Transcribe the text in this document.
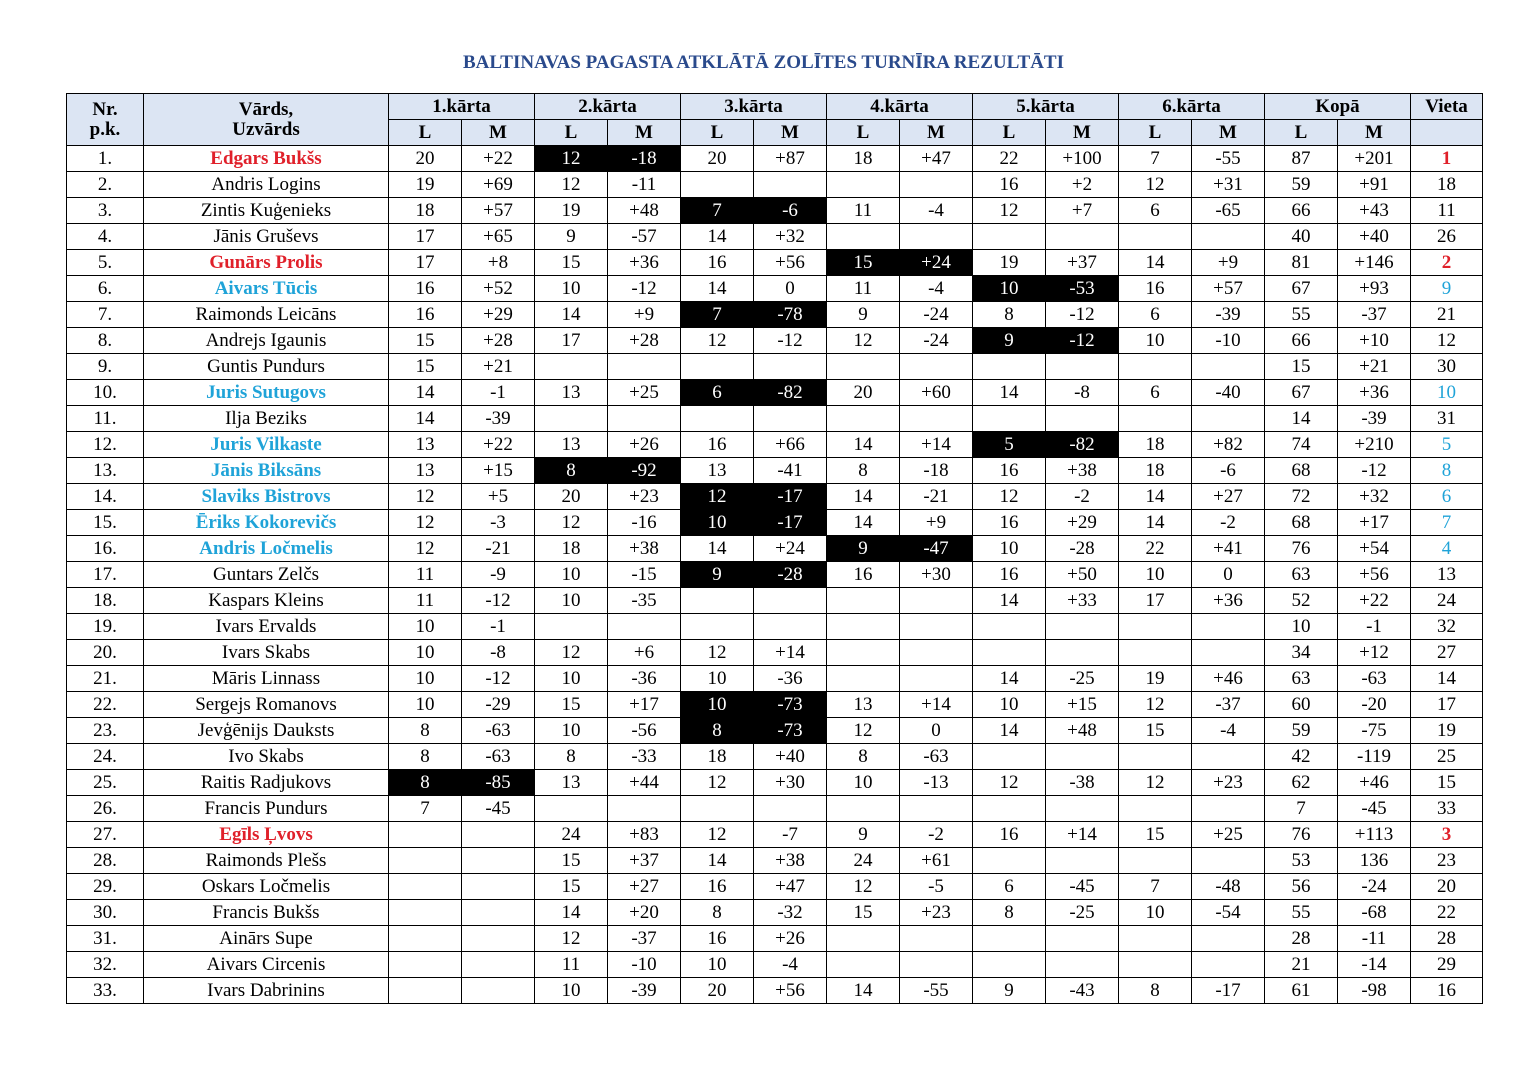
BALTINAVAS PAGASTA ATKLĀTĀ ZOLĪTES TURNĪRA REZULTĀTI
Nr.
p.k.	Vārds,
Uzvārds	1.kārta		2.kārta		3.kārta		4.kārta		5.kārta		6.kārta		Kopā		Vieta
		L	M	L	M	L	M	L	M	L	M	L	M	L	M	
1.	Edgars Bukšs	20	+22	12	-18	20	+87	18	+47	22	+100	7	-55	87	+201	1
2.	Andris Logins	19	+69	12	-11					16	+2	12	+31	59	+91	18
3.	Zintis Kuģenieks	18	+57	19	+48	7	-6	11	-4	12	+7	6	-65	66	+43	11
4.	Jānis Gruševs	17	+65	9	-57	14	+32							40	+40	26
5.	Gunārs Prolis	17	+8	15	+36	16	+56	15	+24	19	+37	14	+9	81	+146	2
6.	Aivars Tūcis	16	+52	10	-12	14	0	11	-4	10	-53	16	+57	67	+93	9
7.	Raimonds Leicāns	16	+29	14	+9	7	-78	9	-24	8	-12	6	-39	55	-37	21
8.	Andrejs Igaunis	15	+28	17	+28	12	-12	12	-24	9	-12	10	-10	66	+10	12
9.	Guntis Pundurs	15	+21											15	+21	30
10.	Juris Sutugovs	14	-1	13	+25	6	-82	20	+60	14	-8	6	-40	67	+36	10
11.	Ilja Beziks	14	-39											14	-39	31
12.	Juris Vilkaste	13	+22	13	+26	16	+66	14	+14	5	-82	18	+82	74	+210	5
13.	Jānis Biksāns	13	+15	8	-92	13	-41	8	-18	16	+38	18	-6	68	-12	8
14.	Slaviks Bistrovs	12	+5	20	+23	12	-17	14	-21	12	-2	14	+27	72	+32	6
15.	Ēriks Kokorevičs	12	-3	12	-16	10	-17	14	+9	16	+29	14	-2	68	+17	7
16.	Andris Ločmelis	12	-21	18	+38	14	+24	9	-47	10	-28	22	+41	76	+54	4
17.	Guntars Zelčs	11	-9	10	-15	9	-28	16	+30	16	+50	10	0	63	+56	13
18.	Kaspars Kleins	11	-12	10	-35					14	+33	17	+36	52	+22	24
19.	Ivars Ervalds	10	-1											10	-1	32
20.	Ivars Skabs	10	-8	12	+6	12	+14							34	+12	27
21.	Māris Linnass	10	-12	10	-36	10	-36			14	-25	19	+46	63	-63	14
22.	Sergejs Romanovs	10	-29	15	+17	10	-73	13	+14	10	+15	12	-37	60	-20	17
23.	Jevģēnijs Dauksts	8	-63	10	-56	8	-73	12	0	14	+48	15	-4	59	-75	19
24.	Ivo Skabs	8	-63	8	-33	18	+40	8	-63					42	-119	25
25.	Raitis Radjukovs	8	-85	13	+44	12	+30	10	-13	12	-38	12	+23	62	+46	15
26.	Francis Pundurs	7	-45											7	-45	33
27.	Egīls Ļvovs			24	+83	12	-7	9	-2	16	+14	15	+25	76	+113	3
28.	Raimonds Plešs			15	+37	14	+38	24	+61					53	136	23
29.	Oskars Ločmelis			15	+27	16	+47	12	-5	6	-45	7	-48	56	-24	20
30.	Francis Bukšs			14	+20	8	-32	15	+23	8	-25	10	-54	55	-68	22
31.	Ainārs Supe			12	-37	16	+26							28	-11	28
32.	Aivars Circenis			11	-10	10	-4							21	-14	29
33.	Ivars Dabrinins			10	-39	20	+56	14	-55	9	-43	8	-17	61	-98	16
